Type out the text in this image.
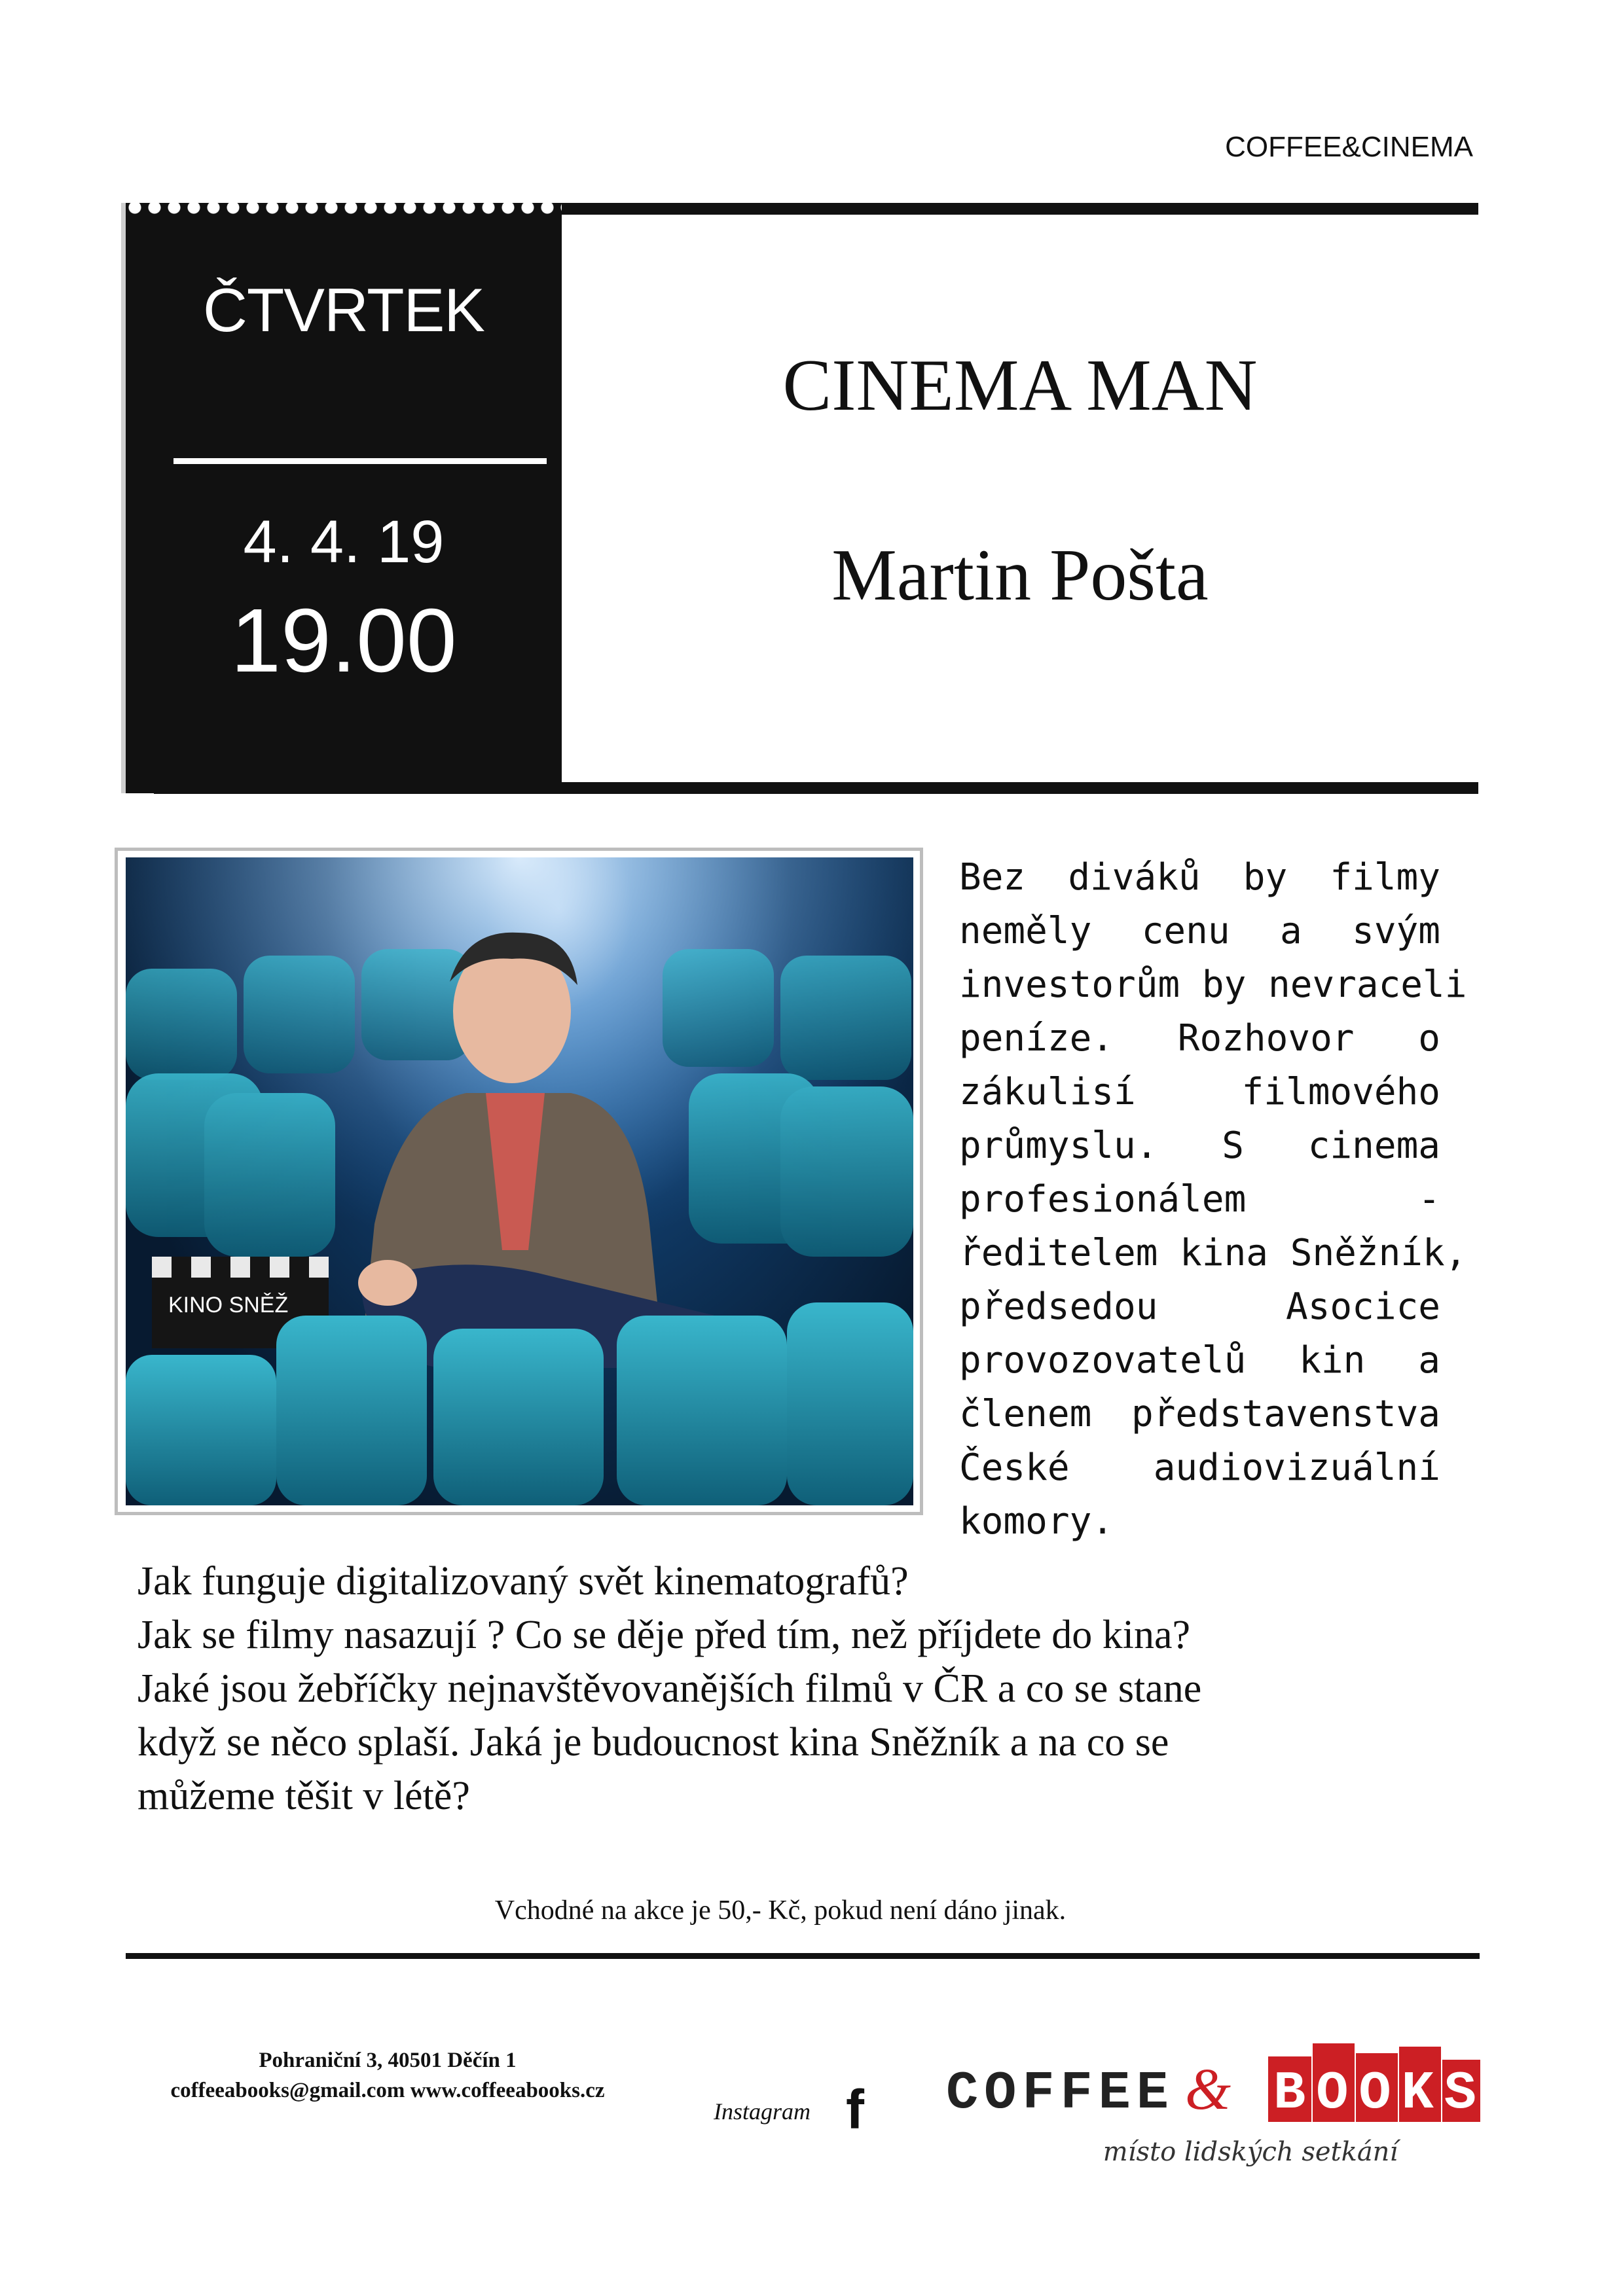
COFFEE&CINEMA
ČTVRTEK
4. 4. 19
19.00
CINEMA MAN
Martin Pošta
KINO SNĚŽ
Bez diváků by filmy
neměly cenu a svým
investorům by nevraceli
peníze. Rozhovor o
zákulisí filmového
průmyslu. S cinema
profesionálem -
ředitelem kina Sněžník,
předsedou Asocice
provozovatelů kin a
členem představenstva
České audiovizuální
komory.
Jak funguje digitalizovaný svět kinematografů?
Jak se filmy nasazují ? Co se děje před tím, než příjdete do kina?
Jaké jsou žebříčky nejnavštěvovanějších filmů v ČR a co se stane
když se něco splaší. Jaká je budoucnost kina Sněžník a na co se
můžeme těšit v létě?
Vchodné na akce je 50,- Kč, pokud není dáno jinak.
Pohraniční 3, 40501 Děčín 1
coffeeabooks@gmail.com www.coffeeabooks.cz
Instagram f COFFEE & BOOKS
místo lidských setkání
